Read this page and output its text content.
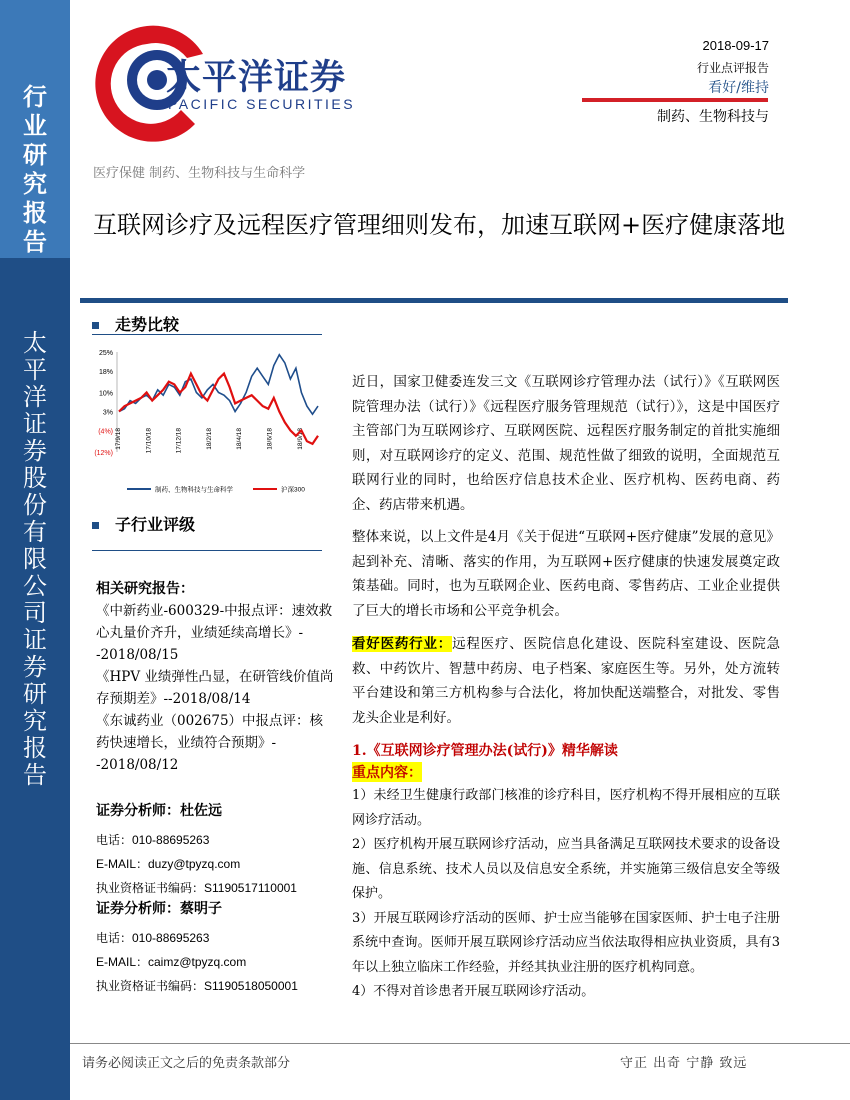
行
业
研
究
报
告
太
平
洋
证
券
股
份
有
限
公
司
证
券
研
究
报
告
太平洋证券
PACIFIC SECURITIES
2018-09-17
行业点评报告
看好/维持
制药、生物科技与
医疗保健 制药、生物科技与生命科学
互联网诊疗及远程医疗管理细则发布，加速互联网+医疗健康落地
走势比较
25%
18%
10%
3%
(4%)
(12%)
17/9/18	17/10/18	17/12/18	18/2/18	18/4/18	18/6/18	18/9/18
制药、生物科技与生命科学	沪深300
子行业评级
相关研究报告：

《中新药业-600329-中报点评：速效救心丸量价齐升，业绩延续高增长》--2018/08/15

《HPV 业绩弹性凸显，在研管线价值尚存预期差》--2018/08/14

《东诚药业（002675）中报点评：核药快速增长，业绩符合预期》--2018/08/12

证券分析师：杜佐远
电话：010-88695263
E-MAIL：duzy@tpyzq.com
执业资格证书编码：S1190517110001
证券分析师：蔡明子
电话：010-88695263
E-MAIL：caimz@tpyzq.com
执业资格证书编码：S1190518050001

近日，国家卫健委连发三文《互联网诊疗管理办法（试行）》《互联网医院管理办法（试行）》《远程医疗服务管理规范（试行）》，这是中国医疗主管部门为互联网诊疗、互联网医院、远程医疗服务制定的首批实施细则，对互联网诊疗的定义、范围、规范性做了细致的说明，全面规范互联网行业的同时，也给医疗信息技术企业、医疗机构、医药电商、药企、药店带来机遇。

整体来说，以上文件是4月《关于促进“互联网+医疗健康”发展的意见》起到补充、清晰、落实的作用，为互联网+医疗健康的快速发展奠定政策基础。同时，也为互联网企业、医药电商、零售药店、工业企业提供了巨大的增长市场和公平竞争机会。

看好医药行业：远程医疗、医院信息化建设、医院科室建设、医院急救、中药饮片、智慧中药房、电子档案、家庭医生等。另外，处方流转平台建设和第三方机构参与合法化，将加快配送端整合，对批发、零售龙头企业是利好。

1.《互联网诊疗管理办法(试行)》精华解读
重点内容：

1）未经卫生健康行政部门核准的诊疗科目，医疗机构不得开展相应的互联网诊疗活动。

2）医疗机构开展互联网诊疗活动，应当具备满足互联网技术要求的设备设施、信息系统、技术人员以及信息安全系统，并实施第三级信息安全等级保护。

3）开展互联网诊疗活动的医师、护士应当能够在国家医师、护士电子注册系统中查询。医师开展互联网诊疗活动应当依法取得相应执业资质，具有3年以上独立临床工作经验，并经其执业注册的医疗机构同意。

4）不得对首诊患者开展互联网诊疗活动。

请务必阅读正文之后的免责条款部分	守正 出奇 宁静 致远
